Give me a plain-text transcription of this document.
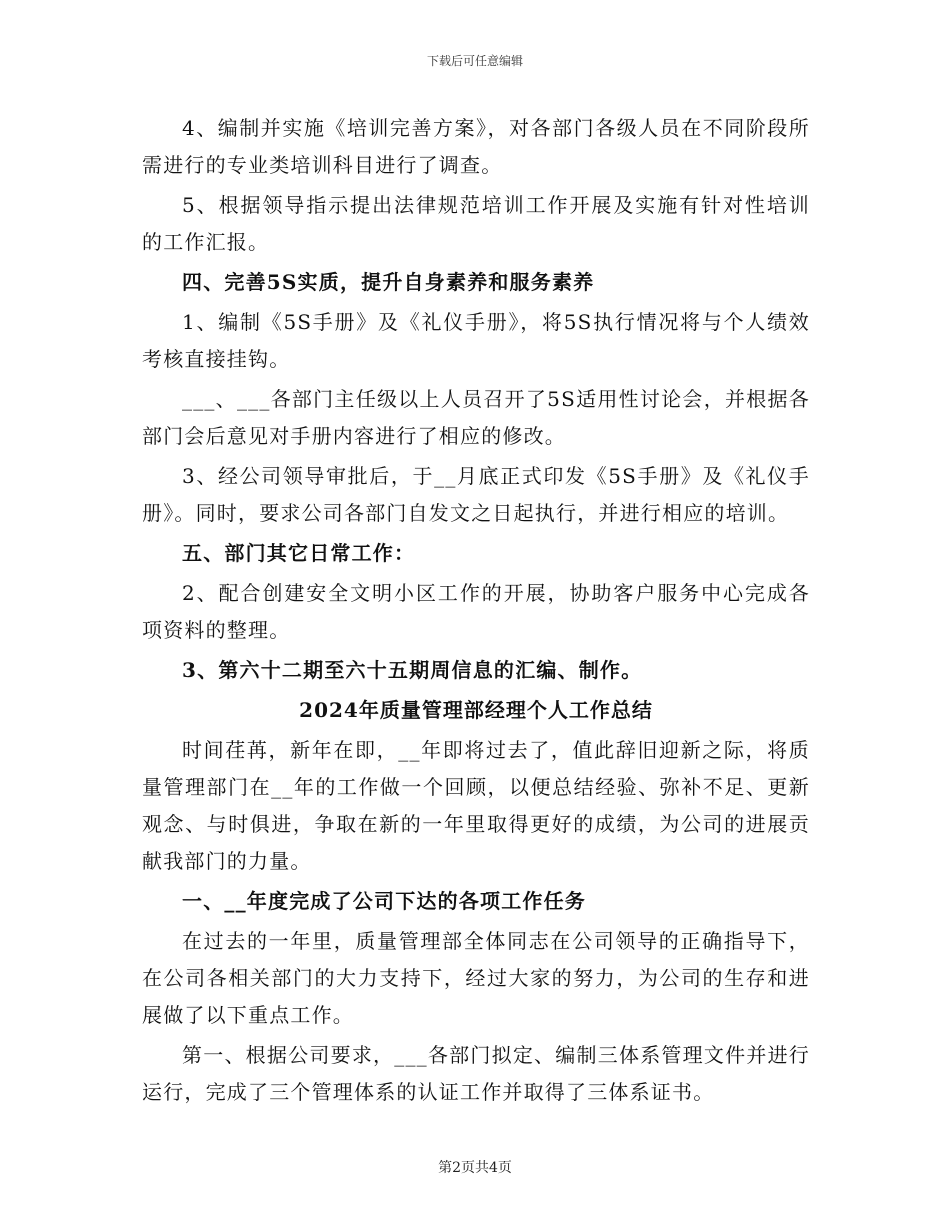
下载后可任意编辑

4、编制并实施《培训完善方案》，对各部门各级人员在不同阶段所需进行的专业类培训科目进行了调查。

5、根据领导指示提出法律规范培训工作开展及实施有针对性培训的工作汇报。

四、完善5S实质，提升自身素养和服务素养

1、编制《5S手册》及《礼仪手册》，将5S执行情况将与个人绩效考核直接挂钩。

___、___各部门主任级以上人员召开了5S适用性讨论会，并根据各部门会后意见对手册内容进行了相应的修改。

3、经公司领导审批后，于__月底正式印发《5S手册》及《礼仪手册》。同时，要求公司各部门自发文之日起执行，并进行相应的培训。

五、部门其它日常工作：

2、配合创建安全文明小区工作的开展，协助客户服务中心完成各项资料的整理。

3、第六十二期至六十五期周信息的汇编、制作。

2024年质量管理部经理个人工作总结

时间荏苒，新年在即，__年即将过去了，值此辞旧迎新之际，将质量管理部门在__年的工作做一个回顾，以便总结经验、弥补不足、更新观念、与时俱进，争取在新的一年里取得更好的成绩，为公司的进展贡献我部门的力量。

一、__年度完成了公司下达的各项工作任务

在过去的一年里，质量管理部全体同志在公司领导的正确指导下，在公司各相关部门的大力支持下，经过大家的努力，为公司的生存和进展做了以下重点工作。

第一、根据公司要求，___各部门拟定、编制三体系管理文件并进行运行，完成了三个管理体系的认证工作并取得了三体系证书。

第2页共4页
